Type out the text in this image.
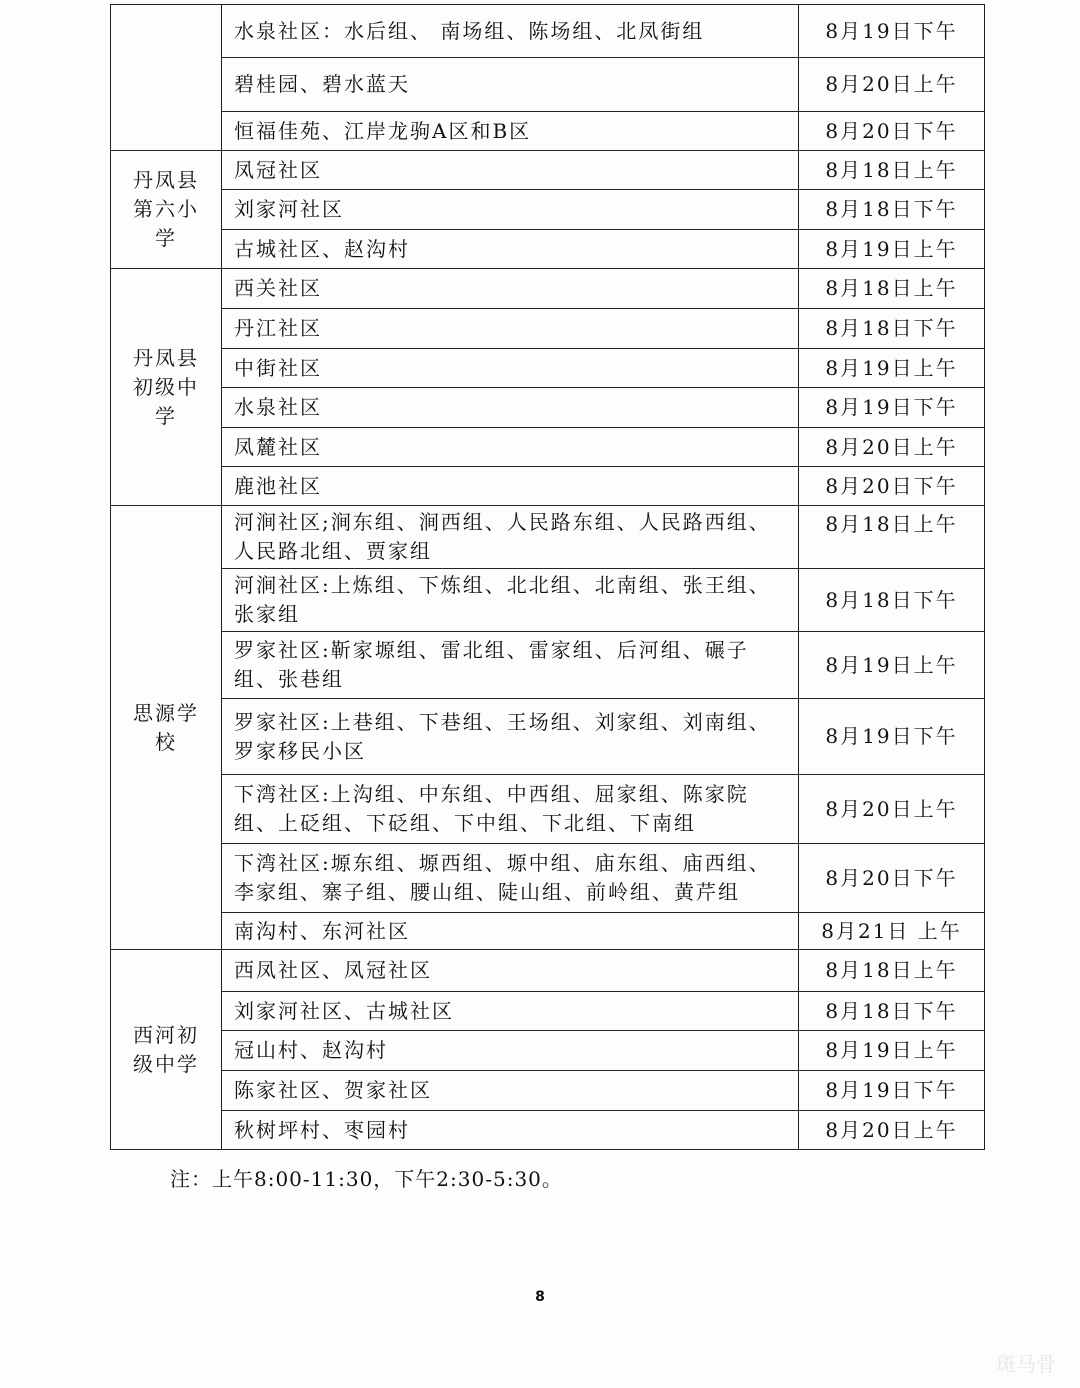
	水泉社区：水后组、 南场组、陈场组、北凤街组	8月19日下午
	碧桂园、碧水蓝天	8月20日上午
	恒福佳苑、江岸龙驹A区和B区	8月20日下午
丹凤县第六小学	凤冠社区	8月18日上午
	刘家河社区	8月18日下午
	古城社区、赵沟村	8月19日上午
丹凤县初级中学	西关社区	8月18日上午
	丹江社区	8月18日下午
	中街社区	8月19日上午
	水泉社区	8月19日下午
	凤麓社区	8月20日上午
	鹿池社区	8月20日下午
思源学校	河涧社区;涧东组、涧西组、人民路东组、人民路西组、人民路北组、贾家组	8月18日上午
	河涧社区:上炼组、下炼组、北北组、北南组、张王组、张家组	8月18日下午
	罗家社区:靳家塬组、雷北组、雷家组、后河组、碾子组、张巷组	8月19日上午
	罗家社区:上巷组、下巷组、王场组、刘家组、刘南组、罗家移民小区	8月19日下午
	下湾社区:上沟组、中东组、中西组、屈家组、陈家院组、上砭组、下砭组、下中组、下北组、下南组	8月20日上午
	下湾社区:塬东组、塬西组、塬中组、庙东组、庙西组、李家组、寨子组、腰山组、陡山组、前岭组、黄芹组	8月20日下午
	南沟村、东河社区	8月21日 上午
西河初级中学	西凤社区、凤冠社区	8月18日上午
	刘家河社区、古城社区	8月18日下午
	冠山村、赵沟村	8月19日上午
	陈家社区、贺家社区	8月19日下午
	秋树坪村、枣园村	8月20日上午
注：上午8:00-11:30，下午2:30-5:30。
8
斑马骨
